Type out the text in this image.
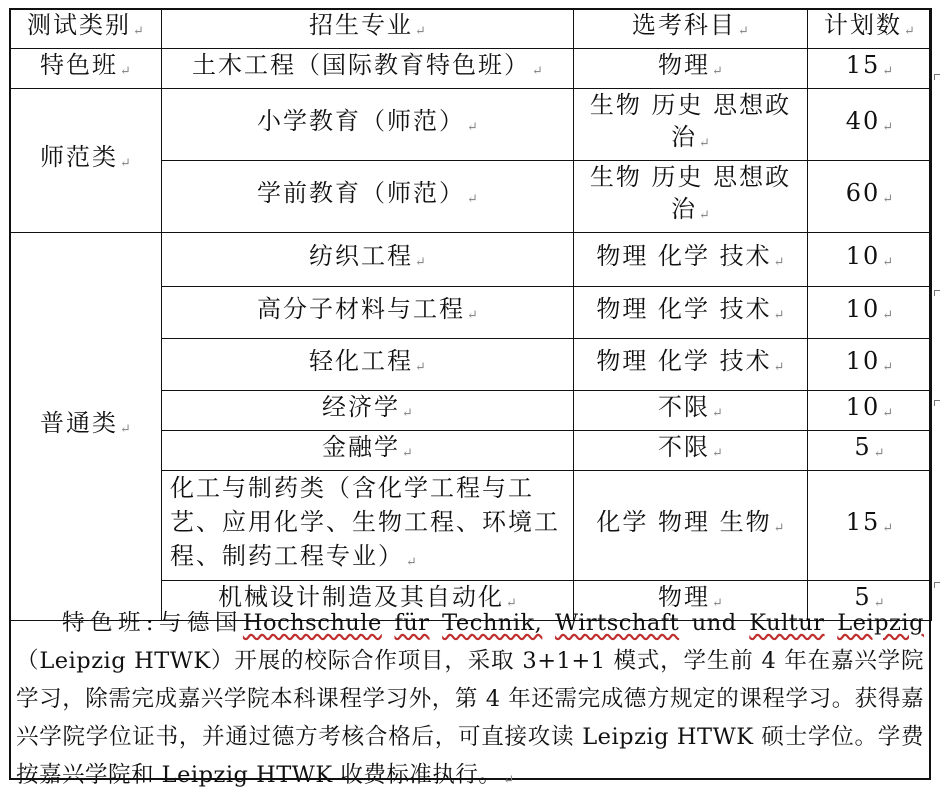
测试类别 ↵	招生专业 ↵	选考科目 ↵	计划数 ↵
特色班 ↵	土木工程（国际教育特色班） ↵	物理 ↵	15 ↵
师范类 ↵	小学教育（师范） ↵	生物 历史 思想政治 ↵	40 ↵
	学前教育（师范） ↵	生物 历史 思想政治 ↵	60 ↵
普通类 ↵	纺织工程 ↵	物理 化学 技术 ↵	10 ↵
	高分子材料与工程 ↵	物理 化学 技术 ↵	10 ↵
	轻化工程 ↵	物理 化学 技术 ↵	10 ↵
	经济学 ↵	不限 ↵	10 ↵
	金融学 ↵	不限 ↵	5 ↵
	化工与制药类（含化学工程与工艺、应用化学、生物工程、环境工程、制药工程专业） ↵	化学 物理 生物 ↵	15 ↵
	机械设计制造及其自动化 ↵	物理 ↵	5 ↵
特色班:与德国Hochschule für Technik, Wirtschaft und Kultur Leipzig（Leipzig HTWK）开展的校际合作项目，采取 3+1+1 模式，学生前 4 年在嘉兴学院学习，除需完成嘉兴学院本科课程学习外，第 4 年还需完成德方规定的课程学习。获得嘉兴学院学位证书，并通过德方考核合格后，可直接攻读 Leipzig HTWK 硕士学位。学费按嘉兴学院和 Leipzig HTWK 收费标准执行。 ↵
